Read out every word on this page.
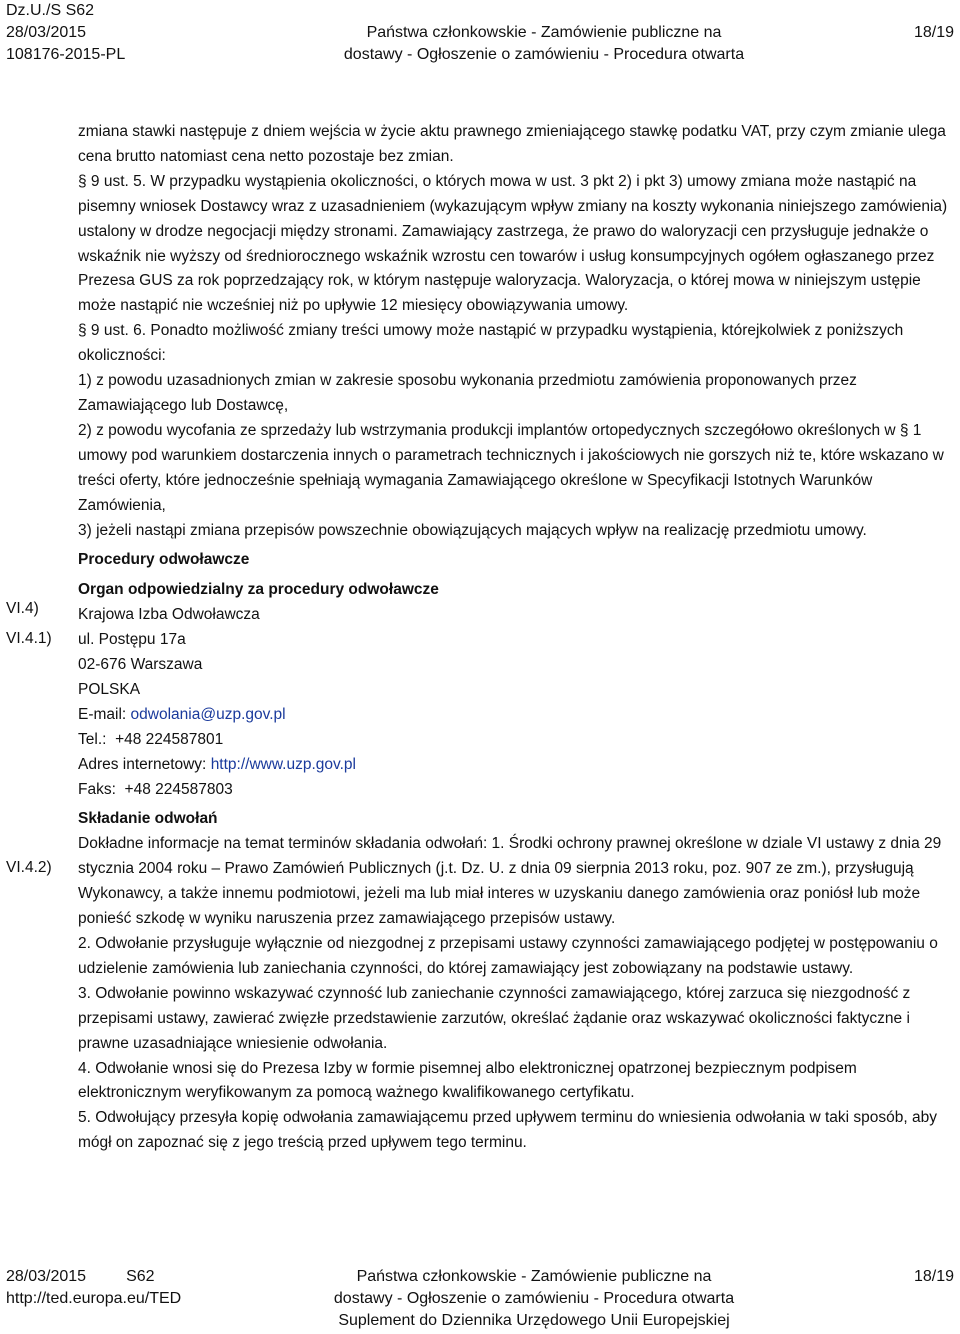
Dz.U./S S62
28/03/2015
108176-2015-PL
Państwa członkowskie - Zamówienie publiczne na
dostawy - Ogłoszenie o zamówieniu - Procedura otwarta
18/19
VI.4)
VI.4.1)
VI.4.2)

zmiana stawki następuje z dniem wejścia w życie aktu prawnego zmieniającego stawkę podatku VAT, przy czym zmianie ulega cena brutto natomiast cena netto pozostaje bez zmian.

§ 9 ust. 5. W przypadku wystąpienia okoliczności, o których mowa w ust. 3 pkt 2) i pkt 3) umowy zmiana może nastąpić na pisemny wniosek Dostawcy wraz z uzasadnieniem (wykazującym wpływ zmiany na koszty wykonania niniejszego zamówienia) ustalony w drodze negocjacji między stronami. Zamawiający zastrzega, że prawo do waloryzacji cen przysługuje jednakże o wskaźnik nie wyższy od średniorocznego wskaźnik wzrostu cen towarów i usług konsumpcyjnych ogółem ogłaszanego przez Prezesa GUS za rok poprzedzający rok, w którym następuje waloryzacja. Waloryzacja, o której mowa w niniejszym ustępie może nastąpić nie wcześniej niż po upływie 12 miesięcy obowiązywania umowy.

§ 9 ust. 6. Ponadto możliwość zmiany treści umowy może nastąpić w przypadku wystąpienia, którejkolwiek z poniższych okoliczności:

1) z powodu uzasadnionych zmian w zakresie sposobu wykonania przedmiotu zamówienia proponowanych przez Zamawiającego lub Dostawcę,

2) z powodu wycofania ze sprzedaży lub wstrzymania produkcji implantów ortopedycznych szczegółowo określonych w § 1 umowy pod warunkiem dostarczenia innych o parametrach technicznych i jakościowych nie gorszych niż te, które wskazano w treści oferty, które jednocześnie spełniają wymagania Zamawiającego określone w Specyfikacji Istotnych Warunków Zamówienia,

3) jeżeli nastąpi zmiana przepisów powszechnie obowiązujących mających wpływ na realizację przedmiotu umowy.

Procedury odwoławcze

Organ odpowiedzialny za procedury odwoławcze

Krajowa Izba Odwoławcza

ul. Postępu 17a

02-676 Warszawa

POLSKA

E-mail: odwolania@uzp.gov.pl

Tel.: +48 224587801

Adres internetowy: http://www.uzp.gov.pl

Faks: +48 224587803

Składanie odwołań

Dokładne informacje na temat terminów składania odwołań: 1. Środki ochrony prawnej określone w dziale VI ustawy z dnia 29 stycznia 2004 roku – Prawo Zamówień Publicznych (j.t. Dz. U. z dnia 09 sierpnia 2013 roku, poz. 907 ze zm.), przysługują Wykonawcy, a także innemu podmiotowi, jeżeli ma lub miał interes w uzyskaniu danego zamówienia oraz poniósł lub może ponieść szkodę w wyniku naruszenia przez zamawiającego przepisów ustawy.

2. Odwołanie przysługuje wyłącznie od niezgodnej z przepisami ustawy czynności zamawiającego podjętej w postępowaniu o udzielenie zamówienia lub zaniechania czynności, do której zamawiający jest zobowiązany na podstawie ustawy.

3. Odwołanie powinno wskazywać czynność lub zaniechanie czynności zamawiającego, której zarzuca się niezgodność z przepisami ustawy, zawierać zwięzłe przedstawienie zarzutów, określać żądanie oraz wskazywać okoliczności faktyczne i prawne uzasadniające wniesienie odwołania.

4. Odwołanie wnosi się do Prezesa Izby w formie pisemnej albo elektronicznej opatrzonej bezpiecznym podpisem elektronicznym weryfikowanym za pomocą ważnego kwalifikowanego certyfikatu.

5. Odwołujący przesyła kopię odwołania zamawiającemu przed upływem terminu do wniesienia odwołania w taki sposób, aby mógł on zapoznać się z jego treścią przed upływem tego terminu.

28/03/2015	S62
http://ted.europa.eu/TED
Państwa członkowskie - Zamówienie publiczne na
dostawy - Ogłoszenie o zamówieniu - Procedura otwarta
Suplement do Dziennika Urzędowego Unii Europejskiej
18/19
